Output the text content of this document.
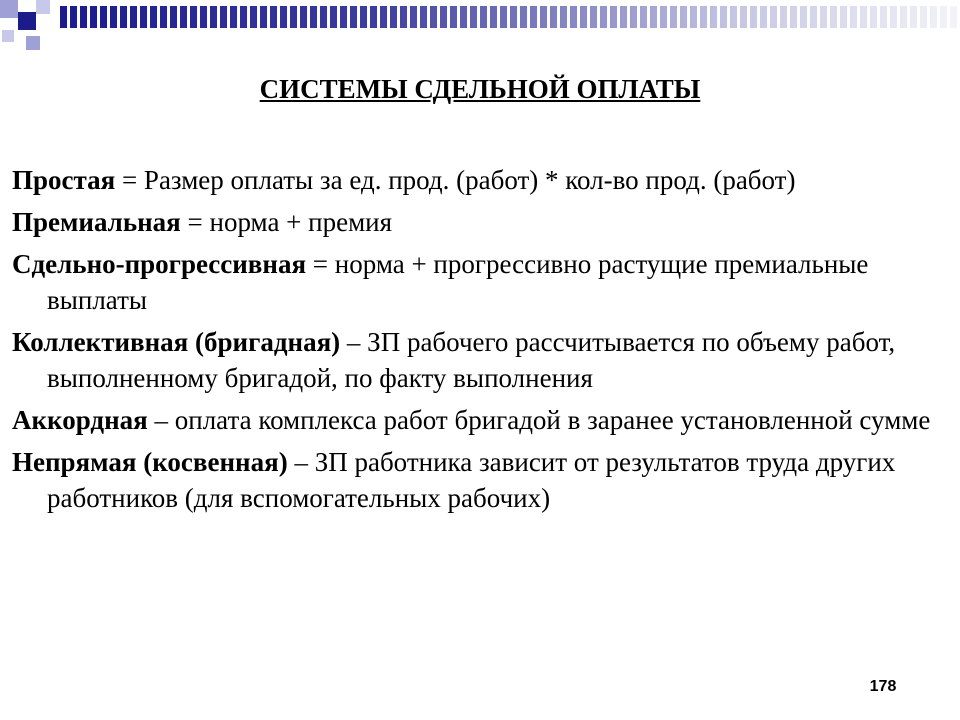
СИСТЕМЫ СДЕЛЬНОЙ ОПЛАТЫ
Простая = Размер оплаты за ед. прод. (работ) * кол-во прод. (работ)
Премиальная = норма + премия
Сдельно-прогрессивная = норма + прогрессивно растущие премиальные выплаты
Коллективная (бригадная) – ЗП рабочего рассчитывается по объему работ, выполненному бригадой, по факту выполнения
Аккордная – оплата комплекса работ бригадой в заранее установленной сумме
Непрямая (косвенная) – ЗП работника зависит от результатов труда других работников (для вспомогательных рабочих)
178
